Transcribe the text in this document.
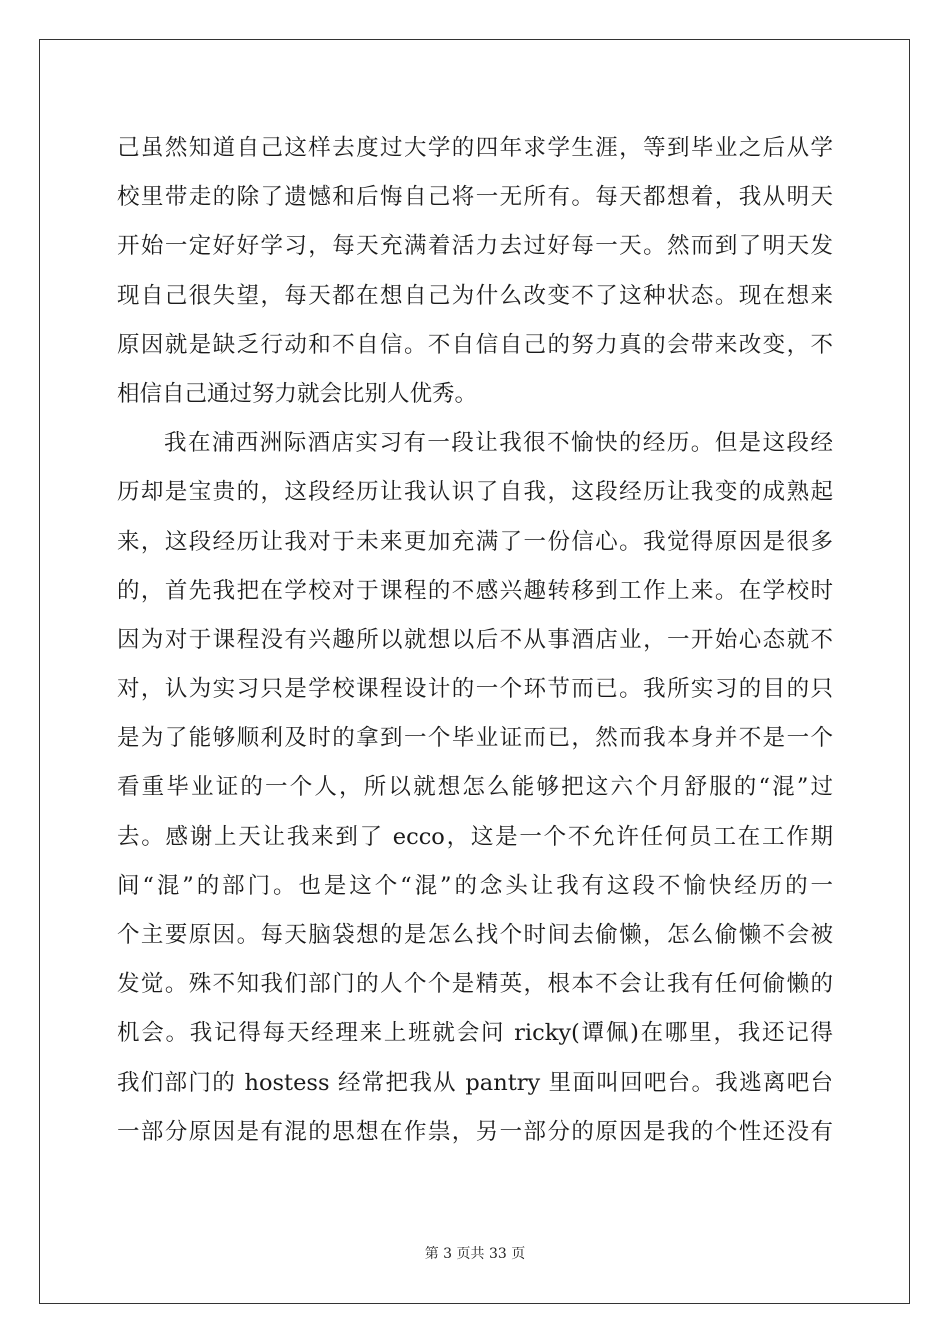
己虽然知道自己这样去度过大学的四年求学生涯，等到毕业之后从学
校里带走的除了遗憾和后悔自己将一无所有。每天都想着，我从明天
开始一定好好学习，每天充满着活力去过好每一天。然而到了明天发
现自己很失望，每天都在想自己为什么改变不了这种状态。现在想来
原因就是缺乏行动和不自信。不自信自己的努力真的会带来改变，不
相信自己通过努力就会比别人优秀。
我在浦西洲际酒店实习有一段让我很不愉快的经历。但是这段经
历却是宝贵的，这段经历让我认识了自我，这段经历让我变的成熟起
来，这段经历让我对于未来更加充满了一份信心。我觉得原因是很多
的，首先我把在学校对于课程的不感兴趣转移到工作上来。在学校时
因为对于课程没有兴趣所以就想以后不从事酒店业，一开始心态就不
对，认为实习只是学校课程设计的一个环节而已。我所实习的目的只
是为了能够顺利及时的拿到一个毕业证而已，然而我本身并不是一个
看重毕业证的一个人，所以就想怎么能够把这六个月舒服的“混”过
去。感谢上天让我来到了 ecco，这是一个不允许任何员工在工作期
间“混”的部门。也是这个“混”的念头让我有这段不愉快经历的一
个主要原因。每天脑袋想的是怎么找个时间去偷懒，怎么偷懒不会被
发觉。殊不知我们部门的人个个是精英，根本不会让我有任何偷懒的
机会。我记得每天经理来上班就会问 ricky(谭佩)在哪里，我还记得
我们部门的 hostess 经常把我从 pantry 里面叫回吧台。我逃离吧台
一部分原因是有混的思想在作祟，另一部分的原因是我的个性还没有
第 3 页共 33 页
